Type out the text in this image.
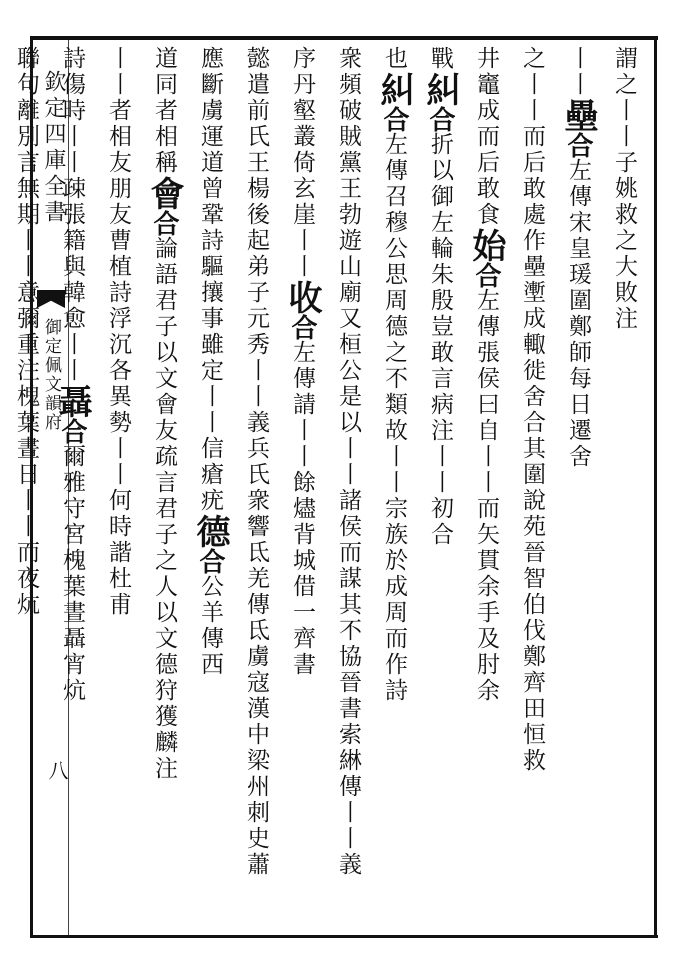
欽定四庫全書
御定佩文韻府
八
謂之丨丨子姚救之大敗注
丨丨壘合左傳宋皇瑗圍鄭師每日遷舍
之丨丨而后敢處作壘壍成輙徙舍合其圍說苑晉智伯伐鄭齊田恒救
井竈成而后敢食始合左傳張侯曰自丨丨而矢貫余手及肘余
戰糾合折以御左輪朱殷豈敢言病注丨丨初合
也糾合左傳召穆公思周德之不類故丨丨宗族於成周而作詩
衆頻破賊黨王勃遊山廟又桓公是以丨丨諸侯而謀其不協晉書索綝傳丨丨義
序丹壑叢倚玄崖丨丨收合左傳請丨丨餘燼背城借一齊書
懿遣前氏王楊後起弟子元秀丨丨義兵氏衆響氐羌傳氐虜寇漢中梁州刺史蕭
應斷虜運道曾鞏詩驅攘事雖定丨丨信瘡疣德合公羊傳西
道同者相稱會合論語君子以文會友疏言君子之人以文德狩獲麟注
丨丨者相友朋友曹植詩浮沉各異勢丨丨何時諧杜甫
詩傷時丨丨疎張籍與韓愈丨丨聶合爾雅守宮槐葉晝聶宵炕
聯句離別言無期丨丨意彌重注槐葉晝日丨丨而夜炕
